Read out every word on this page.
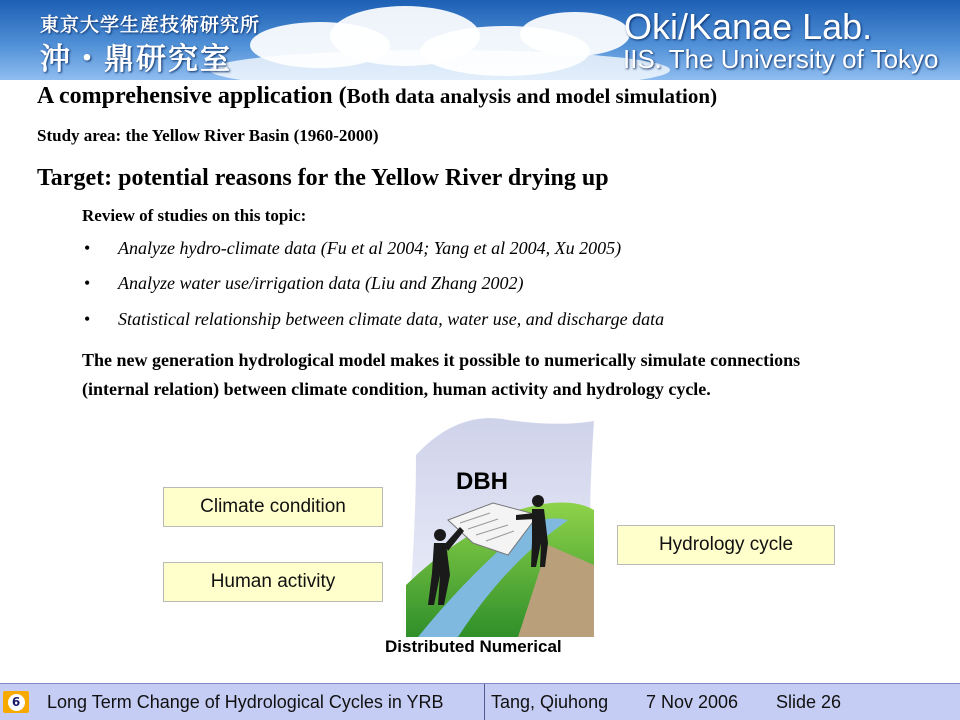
東京大学生産技術研究所
沖・鼎研究室
Oki/Kanae Lab.
IIS. The University of Tokyo
A comprehensive application (Both data analysis and model simulation)
Study area: the Yellow River Basin (1960-2000)
Target: potential reasons for the Yellow River drying up
Review of studies on this topic:
• Analyze hydro-climate data (Fu et al 2004; Yang et al 2004, Xu 2005)
• Analyze water use/irrigation data (Liu and Zhang 2002)
• Statistical relationship between climate data, water use, and discharge data
The new generation hydrological model makes it possible to numerically simulate connections (internal relation) between climate condition, human activity and hydrology cycle.
Climate condition
Human activity
Hydrology cycle
DBH
Distributed Numerical
6 Long Term Change of Hydrological Cycles in YRB	Tang, Qiuhong 7 Nov 2006 Slide 26
